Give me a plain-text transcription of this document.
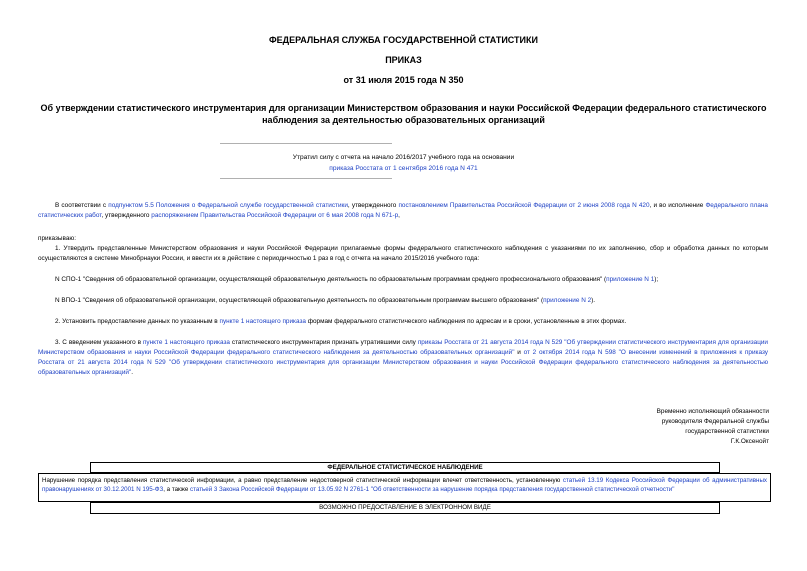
ФЕДЕРАЛЬНАЯ СЛУЖБА ГОСУДАРСТВЕННОЙ СТАТИСТИКИ
ПРИКАЗ
от 31 июля 2015 года N 350
Об утверждении статистического инструментария для организации Министерством образования и науки Российской Федерации федерального статистического наблюдения за деятельностью образовательных организаций
Утратил силу с отчета на начало 2016/2017 учебного года на основании
приказа Росстата от 1 сентября 2016 года N 471
В соответствии с подпунктом 5.5 Положения о Федеральной службе государственной статистики, утвержденного постановлением Правительства Российской Федерации от 2 июня 2008 года N 420, и во исполнение Федерального плана статистических работ, утвержденного распоряжением Правительства Российской Федерации от 6 мая 2008 года N 671-р,
приказываю:
1. Утвердить представленные Министерством образования и науки Российской Федерации прилагаемые формы федерального статистического наблюдения с указаниями по их заполнению, сбор и обработка данных по которым осуществляются в системе Минобрнауки России, и ввести их в действие с периодичностью 1 раз в год с отчета на начало 2015/2016 учебного года:
N СПО-1 "Сведения об образовательной организации, осуществляющей образовательную деятельность по образовательным программам среднего профессионального образования" (приложение N 1);
N ВПО-1 "Сведения об образовательной организации, осуществляющей образовательную деятельность по образовательным программам высшего образования" (приложение N 2).
2. Установить предоставление данных по указанным в пункте 1 настоящего приказа формам федерального статистического наблюдения по адресам и в сроки, установленные в этих формах.
3. С введением указанного в пункте 1 настоящего приказа статистического инструментария признать утратившими силу приказы Росстата от 21 августа 2014 года N 529 "Об утверждении статистического инструментария для организации Министерством образования и науки Российской Федерации федерального статистического наблюдения за деятельностью образовательных организаций" и от 2 октября 2014 года N 598 "О внесении изменений в приложения к приказу Росстата от 21 августа 2014 года N 529 "Об утверждении статистического инструментария для организации Министерством образования и науки Российской Федерации федерального статистического наблюдения за деятельностью образовательных организаций".
Временно исполняющий обязанности
руководителя Федеральной службы
государственной статистики
Г.К.Оксенойт
ФЕДЕРАЛЬНОЕ СТАТИСТИЧЕСКОЕ НАБЛЮДЕНИЕ
Нарушение порядка представления статистической информации, а равно представление недостоверной статистической информации влечет ответственность, установленную статьей 13.19 Кодекса Российской Федерации об административных правонарушениях от 30.12.2001 N 195-ФЗ, а также статьей 3 Закона Российской Федерации от 13.05.92 N 2761-1 "Об ответственности за нарушение порядка представления государственной статистической отчетности"
ВОЗМОЖНО ПРЕДОСТАВЛЕНИЕ В ЭЛЕКТРОННОМ ВИДЕ
